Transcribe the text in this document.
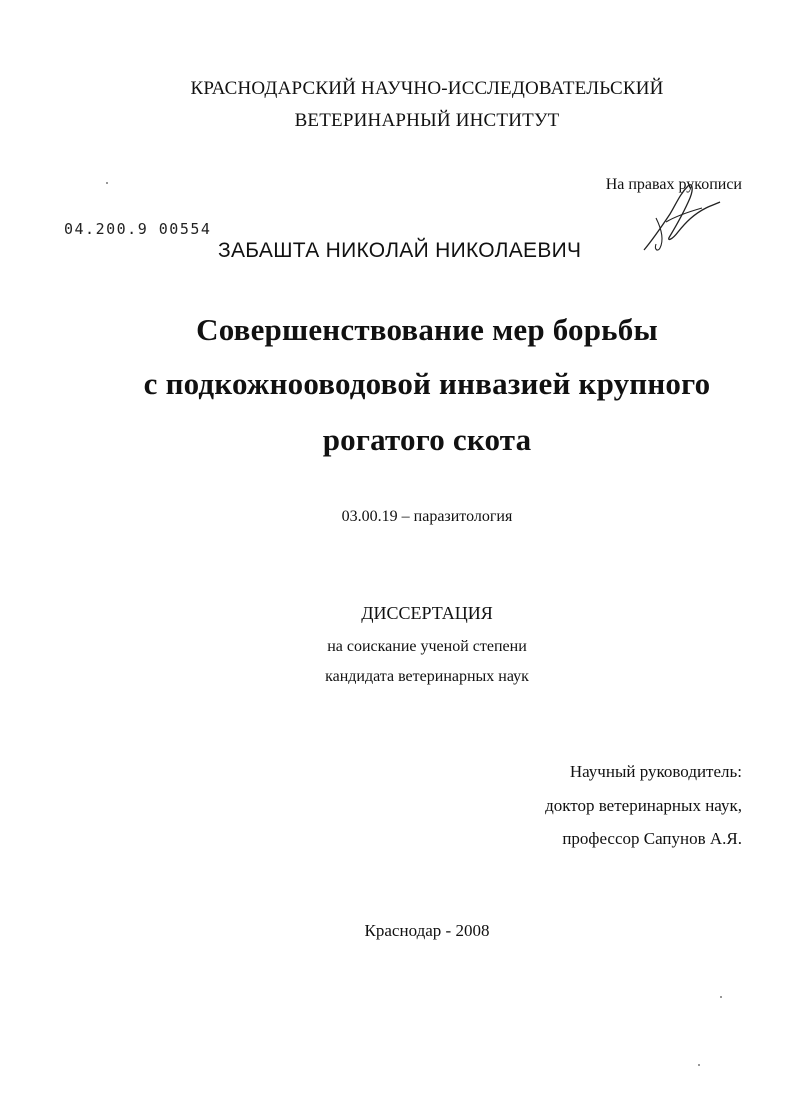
КРАСНОДАРСКИЙ НАУЧНО-ИССЛЕДОВАТЕЛЬСКИЙ
ВЕТЕРИНАРНЫЙ ИНСТИТУТ
На правах рукописи
04.200.9 00554
ЗАБАШТА НИКОЛАЙ НИКОЛАЕВИЧ
Совершенствование мер борьбы
с подкожнооводовой инвазией крупного
рогатого скота
03.00.19 – паразитология
ДИССЕРТАЦИЯ
на соискание ученой степени
кандидата ветеринарных наук
Научный руководитель:
доктор ветеринарных наук,
профессор Сапунов А.Я.
Краснодар - 2008
